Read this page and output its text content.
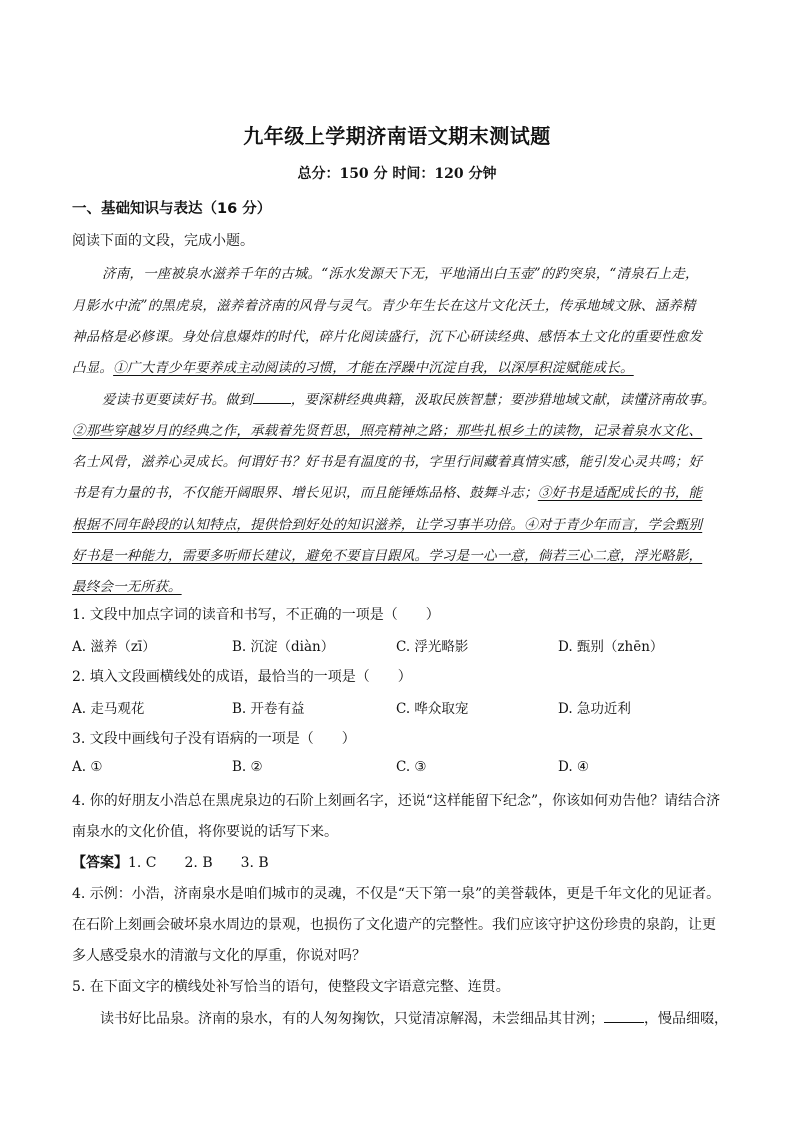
九年级上学期济南语文期末测试题
总分：150 分 时间：120 分钟
一、基础知识与表达（16 分）
阅读下面的文段，完成小题。
济南，一座被泉水滋养千年的古城。“泺水发源天下无，平地涌出白玉壶”的趵突泉，“清泉石上走，
月影水中流”的黑虎泉，滋养着济南的风骨与灵气。青少年生长在这片文化沃土，传承地域文脉、涵养精
神品格是必修课。身处信息爆炸的时代，碎片化阅读盛行，沉下心研读经典、感悟本土文化的重要性愈发
凸显。①广大青少年要养成主动阅读的习惯，才能在浮躁中沉淀自我，以深厚积淀赋能成长。
爱读书更要读好书。做到	，要深耕经典典籍，汲取民族智慧；要涉猎地域文献，读懂济南故事。
②那些穿越岁月的经典之作，承载着先贤哲思，照亮精神之路；那些扎根乡土的读物，记录着泉水文化、
名士风骨，滋养心灵成长。何谓好书？好书是有温度的书，字里行间藏着真情实感，能引发心灵共鸣；好
书是有力量的书，不仅能开阔眼界、增长见识，而且能锤炼品格、鼓舞斗志；③好书是适配成长的书，能
根据不同年龄段的认知特点，提供恰到好处的知识滋养，让学习事半功倍。④对于青少年而言，学会甄别
好书是一种能力，需要多听师长建议，避免不要盲目跟风。学习是一心一意，倘若三心二意，浮光略影，
最终会一无所获。
1. 文段中加点字词的读音和书写，不正确的一项是（　　）
A. 滋养（zī）	B. 沉淀（diàn）	C. 浮光略影	D. 甄别（zhēn）
2. 填入文段画横线处的成语，最恰当的一项是（　　）
A. 走马观花	B. 开卷有益	C. 哗众取宠	D. 急功近利
3. 文段中画线句子没有语病的一项是（　　）
A. ①	B. ②	C. ③	D. ④
4. 你的好朋友小浩总在黑虎泉边的石阶上刻画名字，还说“这样能留下纪念”，你该如何劝告他？请结合济
南泉水的文化价值，将你要说的话写下来。
【答案】1. C　　2. B　　3. B
4. 示例：小浩，济南泉水是咱们城市的灵魂，不仅是“天下第一泉”的美誉载体，更是千年文化的见证者。
在石阶上刻画会破坏泉水周边的景观，也损伤了文化遗产的完整性。我们应该守护这份珍贵的泉韵，让更
多人感受泉水的清澈与文化的厚重，你说对吗？
5. 在下面文字的横线处补写恰当的语句，使整段文字语意完整、连贯。
读书好比品泉。济南的泉水，有的人匆匆掬饮，只觉清凉解渴，未尝细品其甘洌；	，慢品细啜，
